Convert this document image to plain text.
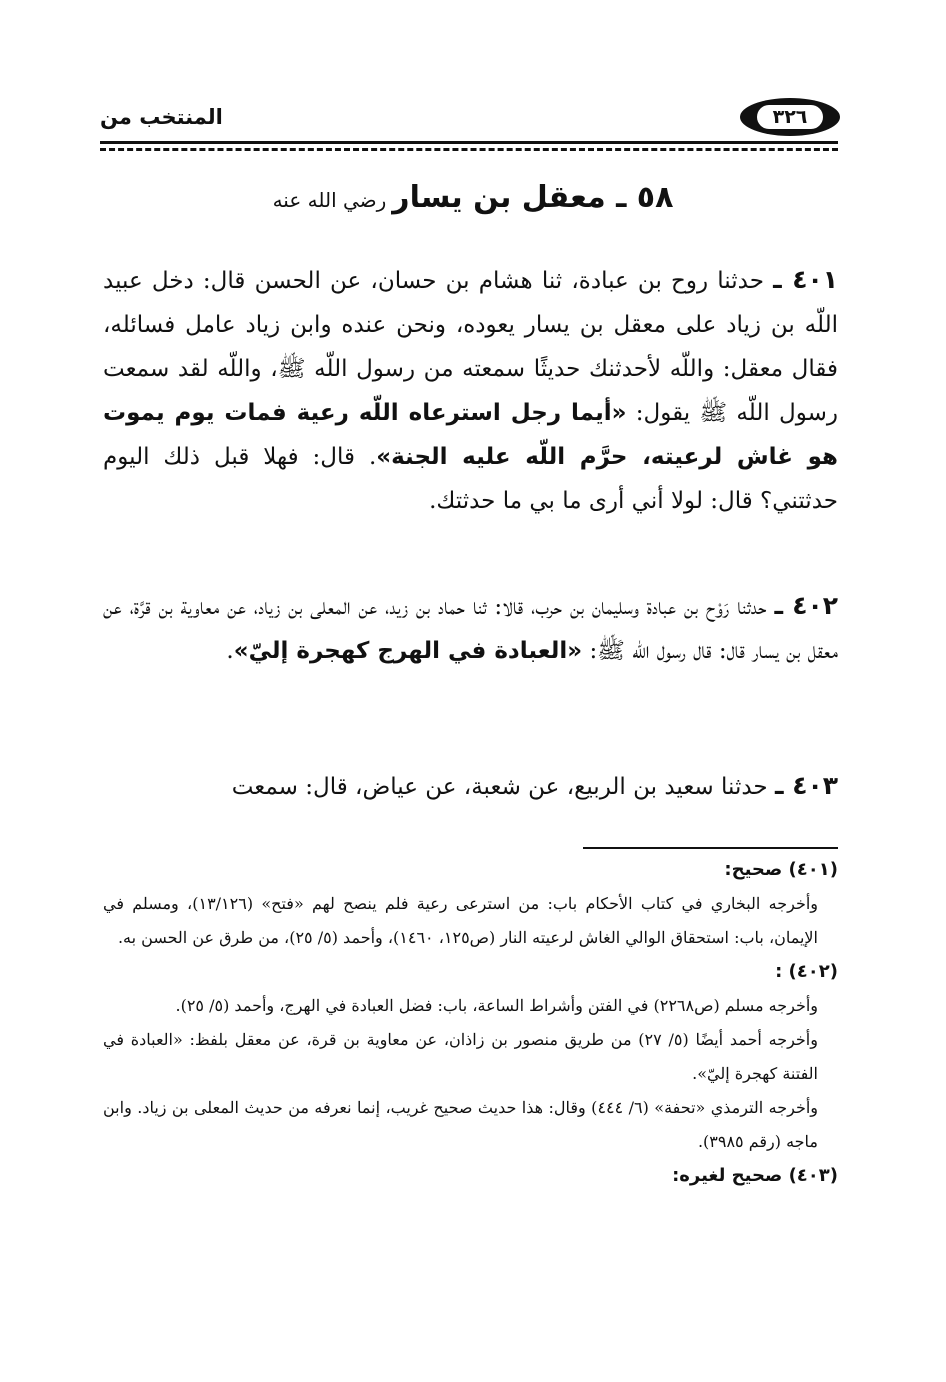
٣٢٦
المنتخب من
٥٨ ـ معقل بن يساررضي الله عنه
٤٠١ ـ حدثنا روح بن عبادة، ثنا هشام بن حسان، عن الحسن قال: دخل عبيد اللّه بن زياد على معقل بن يسار يعوده، ونحن عنده وابن زياد عامل فسائله، فقال معقل: واللّه لأحدثنك حديثًا سمعته من رسول اللّه ﷺ، واللّه لقد سمعت رسول اللّه ﷺ يقول: «أيما رجل استرعاه اللّه رعية فمات يوم يموت هو غاش لرعيته، حرَّم اللّه عليه الجنة». قال: فهلا قبل ذلك اليوم حدثتني؟ قال: لولا أني أرى ما بي ما حدثتك.
٤٠٢ ـ حدثنا رَوْح بن عبادة وسليمان بن حرب، قالا: ثنا حماد بن زيد، عن المعلى بن زياد، عن معاوية بن قرَّة، عن معقل بن يسار قال: قال رسول اللّه ﷺ: «العبادة في الهرج كهجرة إليّ».
٤٠٣ ـ حدثنا سعيد بن الربيع، عن شعبة، عن عياض، قال: سمعت

(٤٠١) صحيح:

وأخرجه البخاري في كتاب الأحكام باب: من استرعى رعية فلم ينصح لهم «فتح» (١٣/١٢٦)، ومسلم في الإيمان، باب: استحقاق الوالي الغاش لرعيته النار (ص١٢٥، ١٤٦٠)، وأحمد (٥/ ٢٥)، من طرق عن الحسن به.

(٤٠٢) :

وأخرجه مسلم (ص٢٢٦٨) في الفتن وأشراط الساعة، باب: فضل العبادة في الهرج، وأحمد (٥/ ٢٥).

وأخرجه أحمد أيضًا (٥/ ٢٧) من طريق منصور بن زاذان، عن معاوية بن قرة، عن معقل بلفظ: «العبادة في الفتنة كهجرة إليّ».

وأخرجه الترمذي «تحفة» (٦/ ٤٤٤) وقال: هذا حديث صحيح غريب، إنما نعرفه من حديث المعلى بن زياد. وابن ماجه (رقم ٣٩٨٥).

(٤٠٣) صحيح لغيره:
